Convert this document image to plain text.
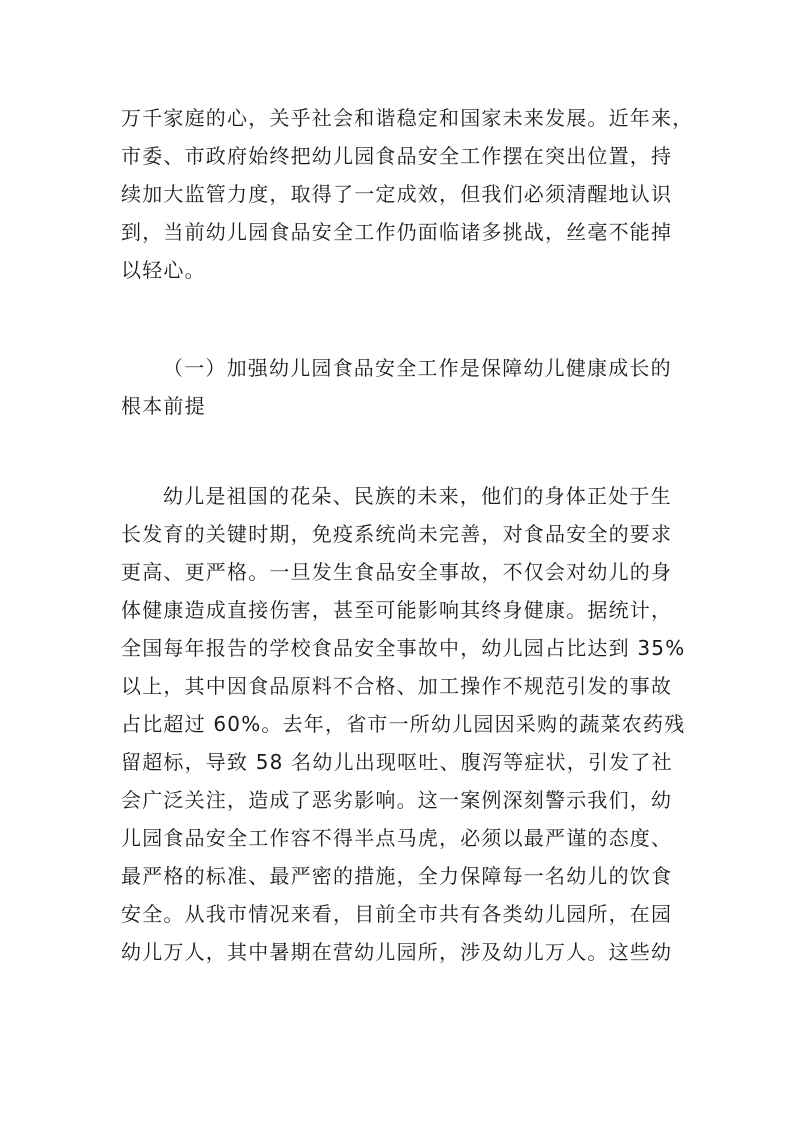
万千家庭的心，关乎社会和谐稳定和国家未来发展。近年来，
市委、市政府始终把幼儿园食品安全工作摆在突出位置，持
续加大监管力度，取得了一定成效，但我们必须清醒地认识
到，当前幼儿园食品安全工作仍面临诸多挑战，丝毫不能掉
以轻心。
（一）加强幼儿园食品安全工作是保障幼儿健康成长的
根本前提
幼儿是祖国的花朵、民族的未来，他们的身体正处于生
长发育的关键时期，免疫系统尚未完善，对食品安全的要求
更高、更严格。一旦发生食品安全事故，不仅会对幼儿的身
体健康造成直接伤害，甚至可能影响其终身健康。据统计，
全国每年报告的学校食品安全事故中，幼儿园占比达到 35%
以上，其中因食品原料不合格、加工操作不规范引发的事故
占比超过 60%。去年，省市一所幼儿园因采购的蔬菜农药残
留超标，导致 58 名幼儿出现呕吐、腹泻等症状，引发了社
会广泛关注，造成了恶劣影响。这一案例深刻警示我们，幼
儿园食品安全工作容不得半点马虎，必须以最严谨的态度、
最严格的标准、最严密的措施，全力保障每一名幼儿的饮食
安全。从我市情况来看，目前全市共有各类幼儿园所，在园
幼儿万人，其中暑期在营幼儿园所，涉及幼儿万人。这些幼
